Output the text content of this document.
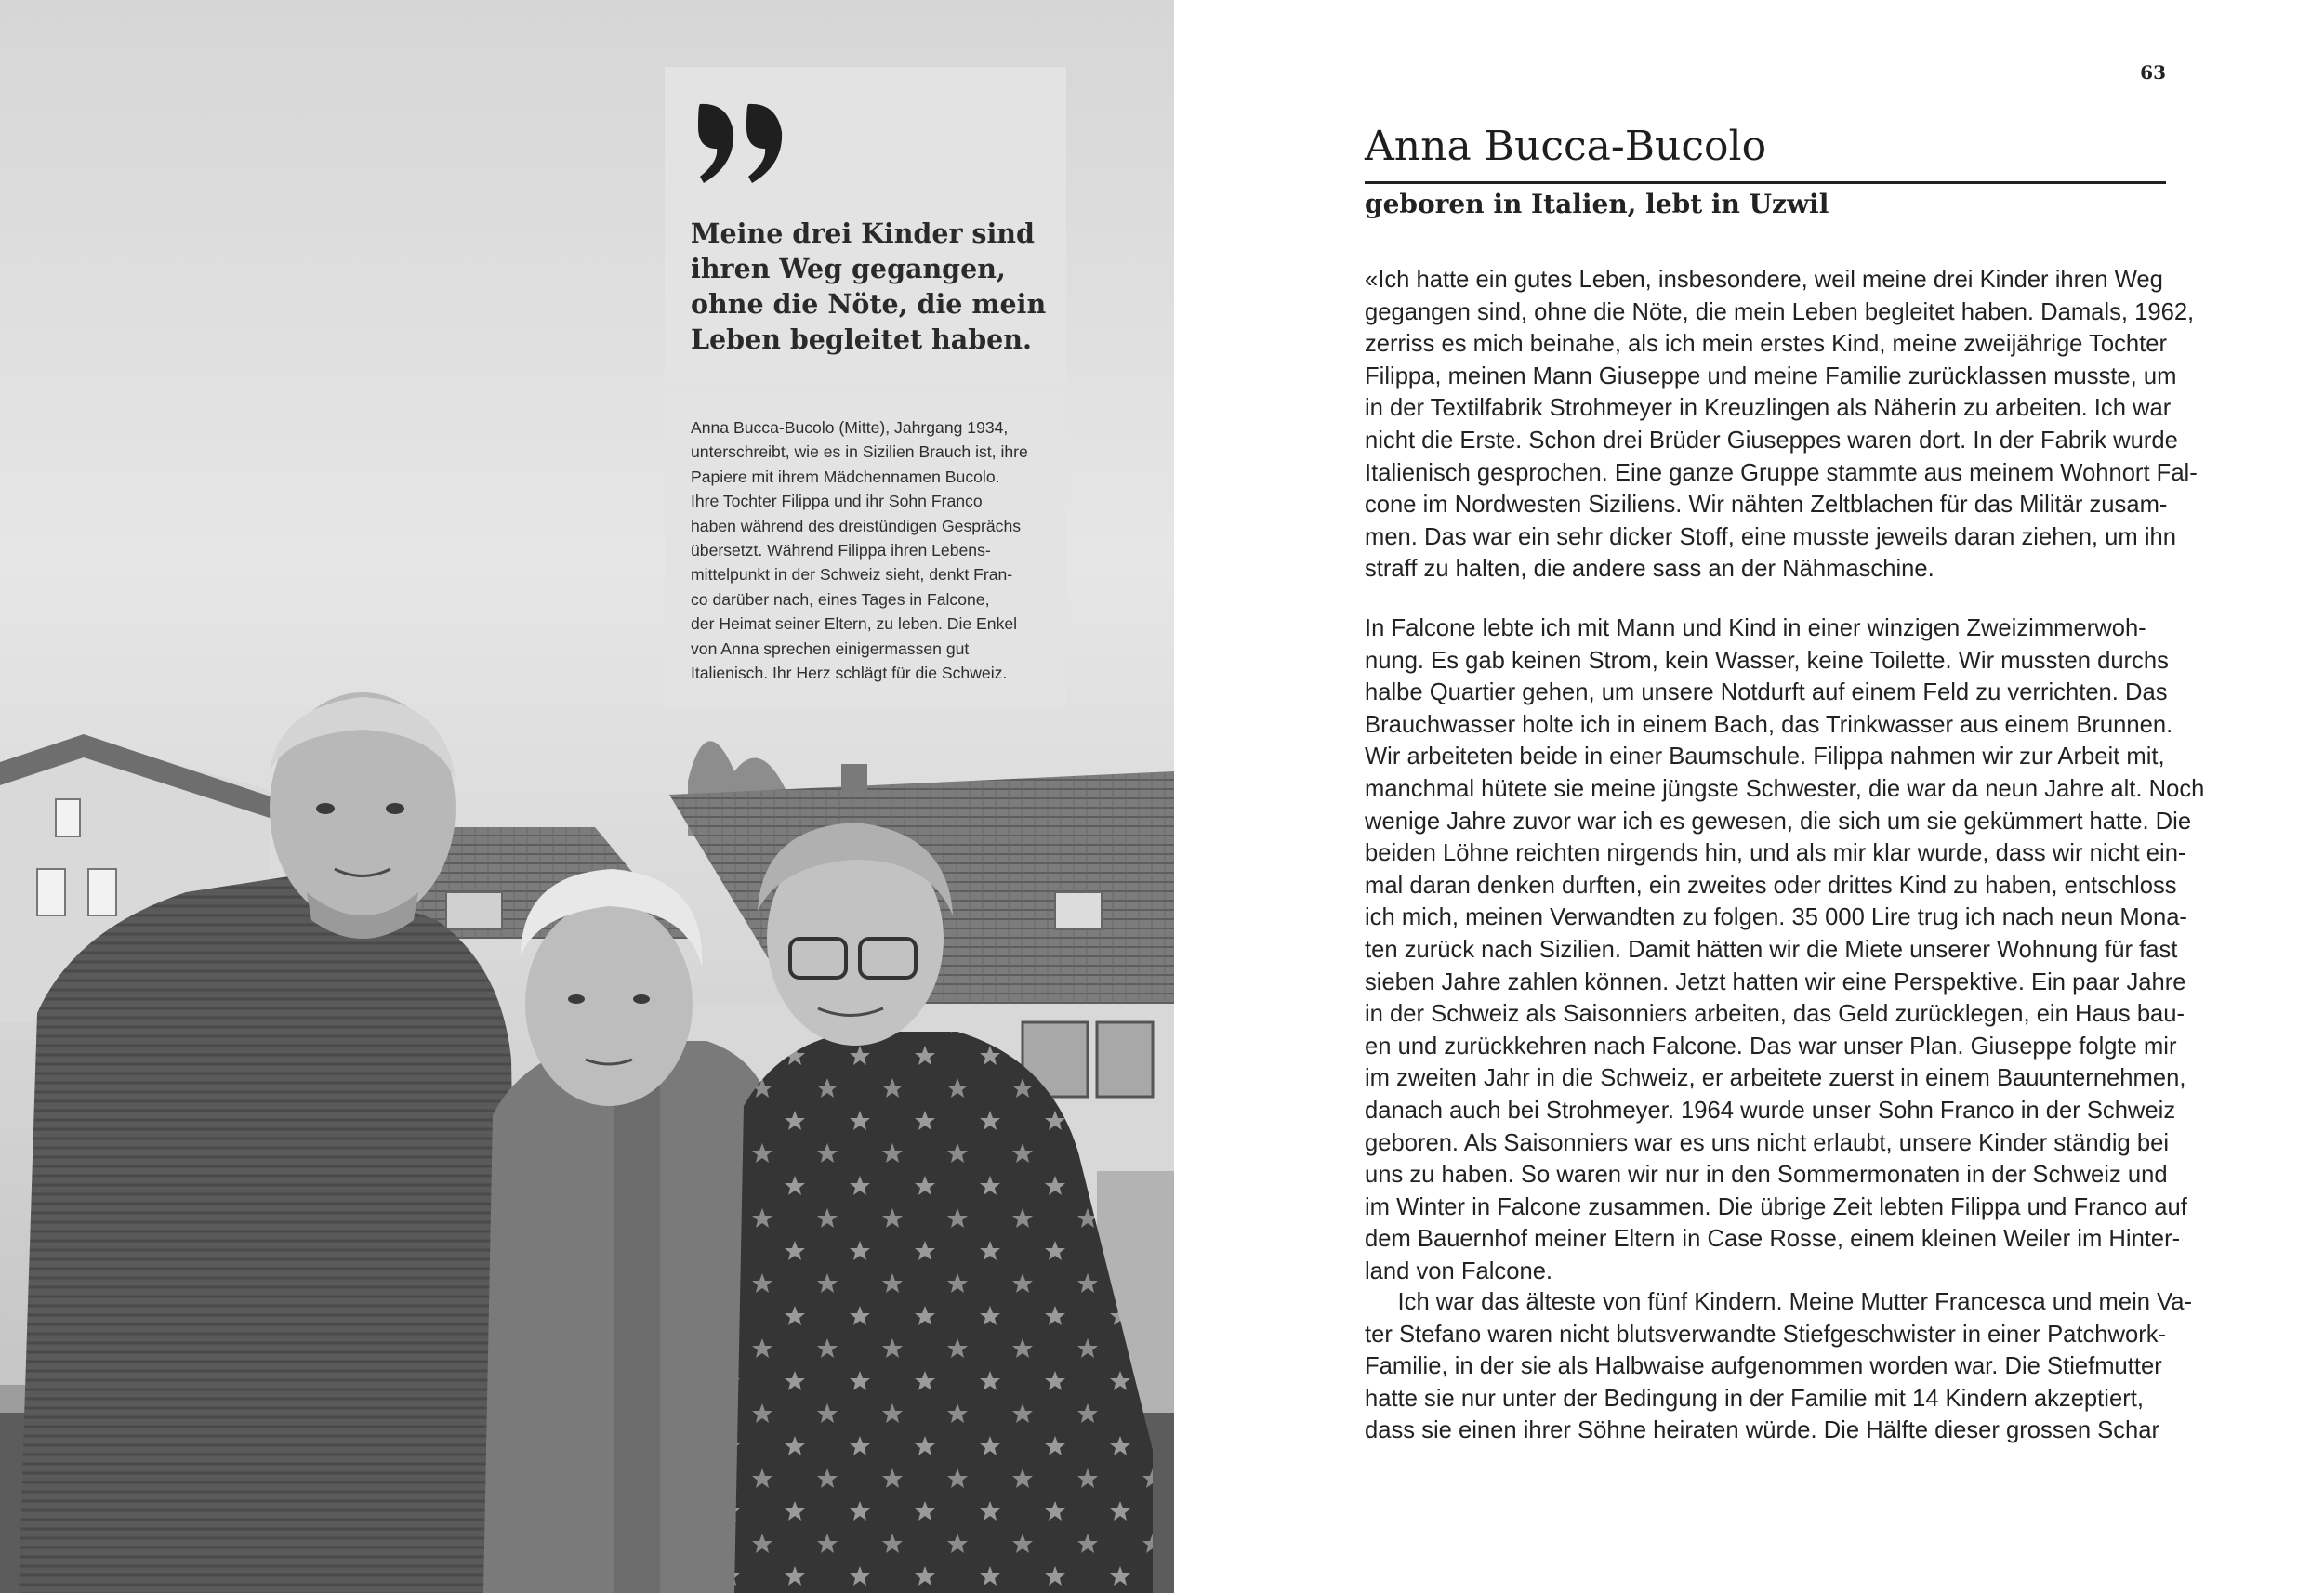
Meine drei Kinder sind
ihren Weg gegangen,
ohne die Nöte, die mein
Leben begleitet haben.

Anna Bucca-Bucolo (Mitte), Jahrgang 1934,
unterschreibt, wie es in Sizilien Brauch ist, ihre
Papiere mit ihrem Mädchennamen Bucolo.
Ihre Tochter Filippa und ihr Sohn Franco
haben während des dreistündigen Gesprächs
übersetzt. Während Filippa ihren Lebens-
mittelpunkt in der Schweiz sieht, denkt Fran-
co darüber nach, eines Tages in Falcone,
der Heimat seiner Eltern, zu leben. Die Enkel
von Anna sprechen einigermassen gut
Italienisch. Ihr Herz schlägt für die Schweiz.

63
Anna Bucca-Bucolo
geboren in Italien, lebt in Uzwil

«Ich hatte ein gutes Leben, insbesondere, weil meine drei Kinder ihren Weg
gegangen sind, ohne die Nöte, die mein Leben begleitet haben. Damals, 1962,
zerriss es mich beinahe, als ich mein erstes Kind, meine zweijährige Tochter
Filippa, meinen Mann Giuseppe und meine Familie zurücklassen musste, um
in der Textilfabrik Strohmeyer in Kreuzlingen als Näherin zu arbeiten. Ich war
nicht die Erste. Schon drei Brüder Giuseppes waren dort. In der Fabrik wurde
Italienisch gesprochen. Eine ganze Gruppe stammte aus meinem Wohnort Fal-
cone im Nordwesten Siziliens. Wir nähten Zeltblachen für das Militär zusam-
men. Das war ein sehr dicker Stoff, eine musste jeweils daran ziehen, um ihn
straff zu halten, die andere sass an der Nähmaschine.

In Falcone lebte ich mit Mann und Kind in einer winzigen Zweizimmerwoh-
nung. Es gab keinen Strom, kein Wasser, keine Toilette. Wir mussten durchs
halbe Quartier gehen, um unsere Notdurft auf einem Feld zu verrichten. Das
Brauchwasser holte ich in einem Bach, das Trinkwasser aus einem Brunnen.
Wir arbeiteten beide in einer Baumschule. Filippa nahmen wir zur Arbeit mit,
manchmal hütete sie meine jüngste Schwester, die war da neun Jahre alt. Noch
wenige Jahre zuvor war ich es gewesen, die sich um sie gekümmert hatte. Die
beiden Löhne reichten nirgends hin, und als mir klar wurde, dass wir nicht ein-
mal daran denken durften, ein zweites oder drittes Kind zu haben, entschloss
ich mich, meinen Verwandten zu folgen. 35 000 Lire trug ich nach neun Mona-
ten zurück nach Sizilien. Damit hätten wir die Miete unserer Wohnung für fast
sieben Jahre zahlen können. Jetzt hatten wir eine Perspektive. Ein paar Jahre
in der Schweiz als Saisonniers arbeiten, das Geld zurücklegen, ein Haus bau-
en und zurückkehren nach Falcone. Das war unser Plan. Giuseppe folgte mir
im zweiten Jahr in die Schweiz, er arbeitete zuerst in einem Bauunternehmen,
danach auch bei Strohmeyer. 1964 wurde unser Sohn Franco in der Schweiz
geboren. Als Saisonniers war es uns nicht erlaubt, unsere Kinder ständig bei
uns zu haben. So waren wir nur in den Sommermonaten in der Schweiz und
im Winter in Falcone zusammen. Die übrige Zeit lebten Filippa und Franco auf
dem Bauernhof meiner Eltern in Case Rosse, einem kleinen Weiler im Hinter-
land von Falcone.

Ich war das älteste von fünf Kindern. Meine Mutter Francesca und mein Va-
ter Stefano waren nicht blutsverwandte Stiefgeschwister in einer Patchwork-
Familie, in der sie als Halbwaise aufgenommen worden war. Die Stiefmutter
hatte sie nur unter der Bedingung in der Familie mit 14 Kindern akzeptiert,
dass sie einen ihrer Söhne heiraten würde. Die Hälfte dieser grossen Schar
